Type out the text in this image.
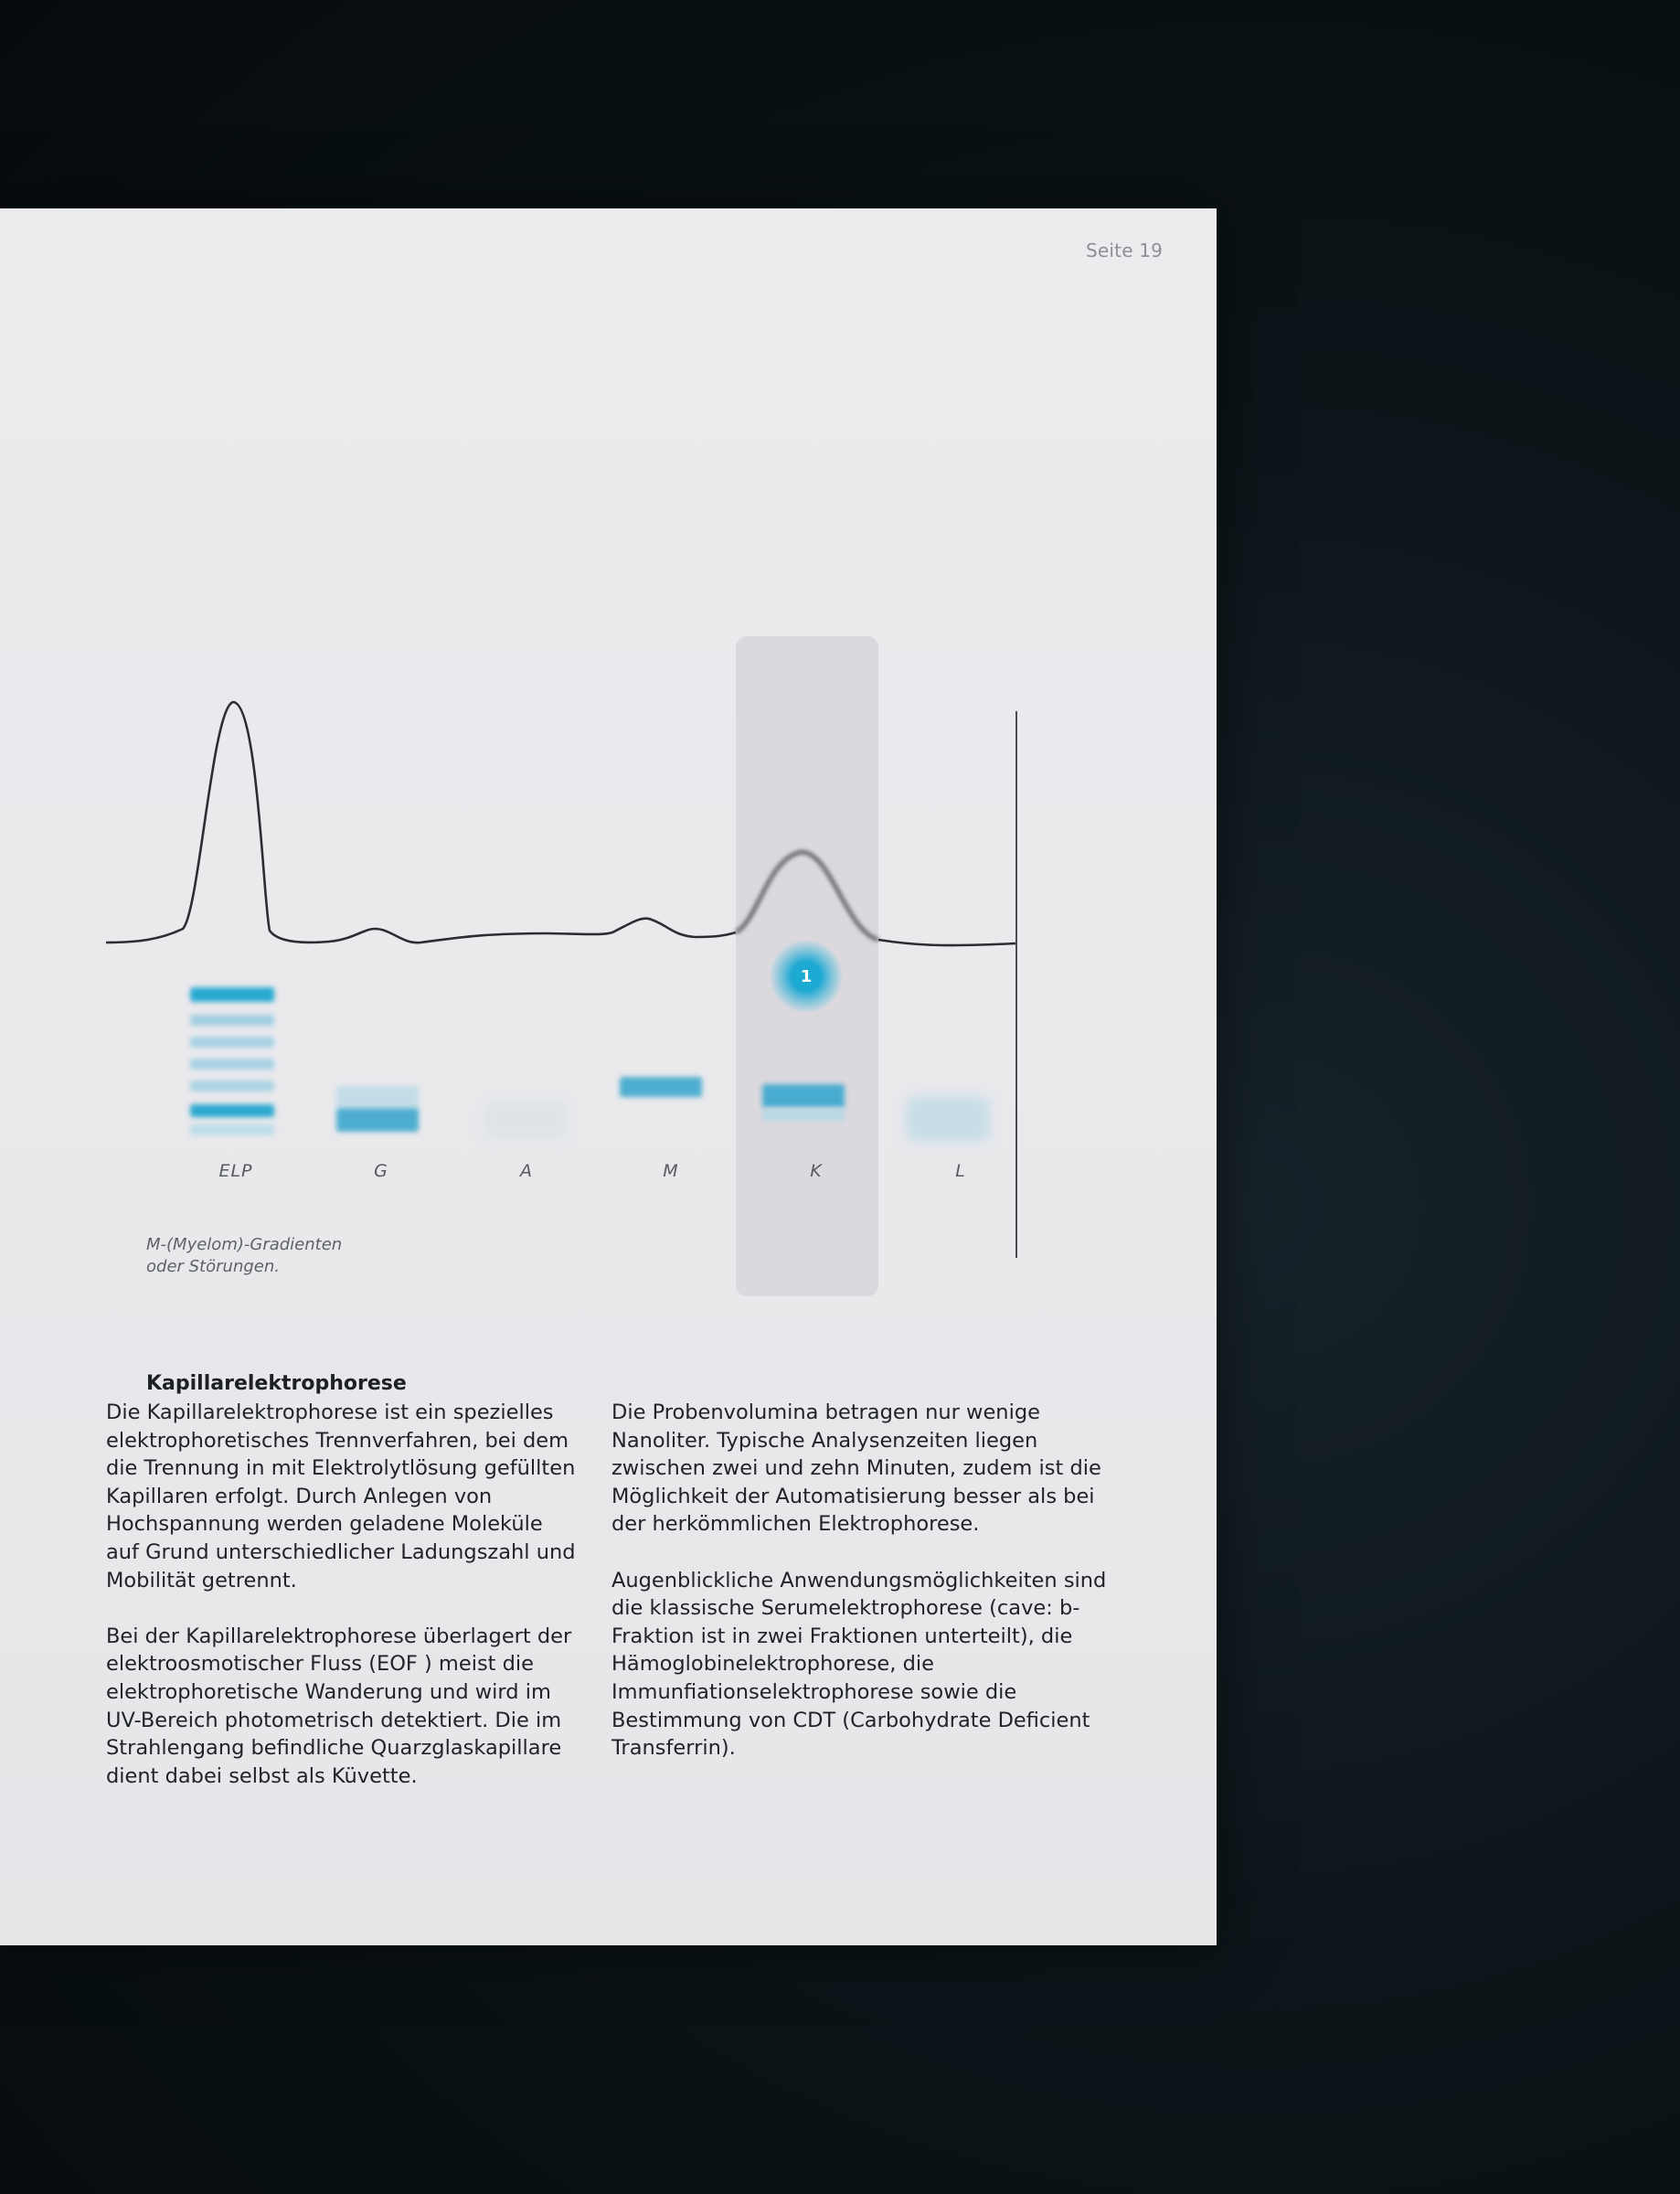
Seite 19
1
ELP	G	A	M	K	L
M-(Myelom)-Gradienten
oder Störungen.
Kapillarelektrophorese

Die Kapillarelektrophorese ist ein spezielles elektrophoretisches Trennverfahren, bei dem die Trennung in mit Elektrolytlösung gefüllten Kapillaren erfolgt. Durch Anlegen von Hochspannung werden geladene Moleküle auf Grund unterschiedlicher Ladungszahl und Mobilität getrennt.

Bei der Kapillarelektrophorese überlagert der elektroosmotischer Fluss (EOF ) meist die elektrophoretische Wanderung und wird im UV-Bereich photometrisch detektiert. Die im Strahlengang befindliche Quarzglaskapillare dient dabei selbst als Küvette.

Die Probenvolumina betragen nur wenige Nanoliter. Typische Analysenzeiten liegen zwischen zwei und zehn Minuten, zudem ist die Möglichkeit der Automatisierung besser als bei der herkömmlichen Elektrophorese.

Augenblickliche Anwendungsmöglichkeiten sind die klassische Serumelektrophorese (cave: b-Fraktion ist in zwei Fraktionen unterteilt), die Hämoglobinelektrophorese, die Immunfiationselektrophorese sowie die Bestimmung von CDT (Carbohydrate Deficient Transferrin).
